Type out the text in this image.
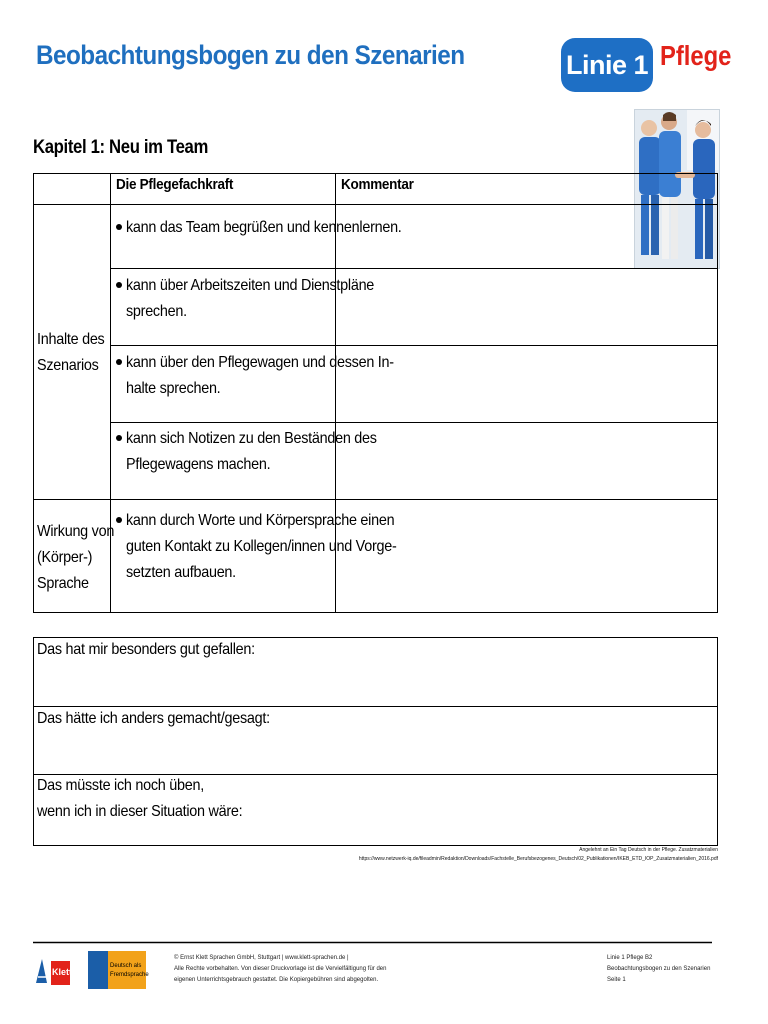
Beobachtungsbogen zu den Szenarien	Linie 1 Pflege
Kapitel 1: Neu im Team
Die Pflegefachkraft	Kommentar
Inhalte des
Szenarios
Wirkung von
(Körper-)
Sprache
kann das Team begrüßen und kennenlernen.
kann über Arbeitszeiten und Dienstpläne
sprechen.
kann über den Pflegewagen und dessen In-
halte sprechen.
kann sich Notizen zu den Beständen des
Pflegewagens machen.
kann durch Worte und Körpersprache einen
guten Kontakt zu Kollegen/innen und Vorge-
setzten aufbauen.
Das hat mir besonders gut gefallen:
Das hätte ich anders gemacht/gesagt:
Das müsste ich noch üben,
wenn ich in dieser Situation wäre:
Angelehnt an Ein Tag Deutsch in der Pflege. Zusatzmaterialien
https://www.netzwerk-iq.de/fileadmin/Redaktion/Downloads/Fachstelle_Berufsbezogenes_Deutsch/02_Publikationen/IKEB_ETD_IOP_Zusatzmaterialien_2016.pdf
Klett
Deutsch als
Fremdsprache
© Ernst Klett Sprachen GmbH, Stuttgart | www.klett-sprachen.de |
Alle Rechte vorbehalten. Von dieser Druckvorlage ist die Vervielfältigung für den
eigenen Unterrichtsgebrauch gestattet. Die Kopiergebühren sind abgegolten.
Linie 1 Pflege B2
Beobachtungsbogen zu den Szenarien
Seite 1
